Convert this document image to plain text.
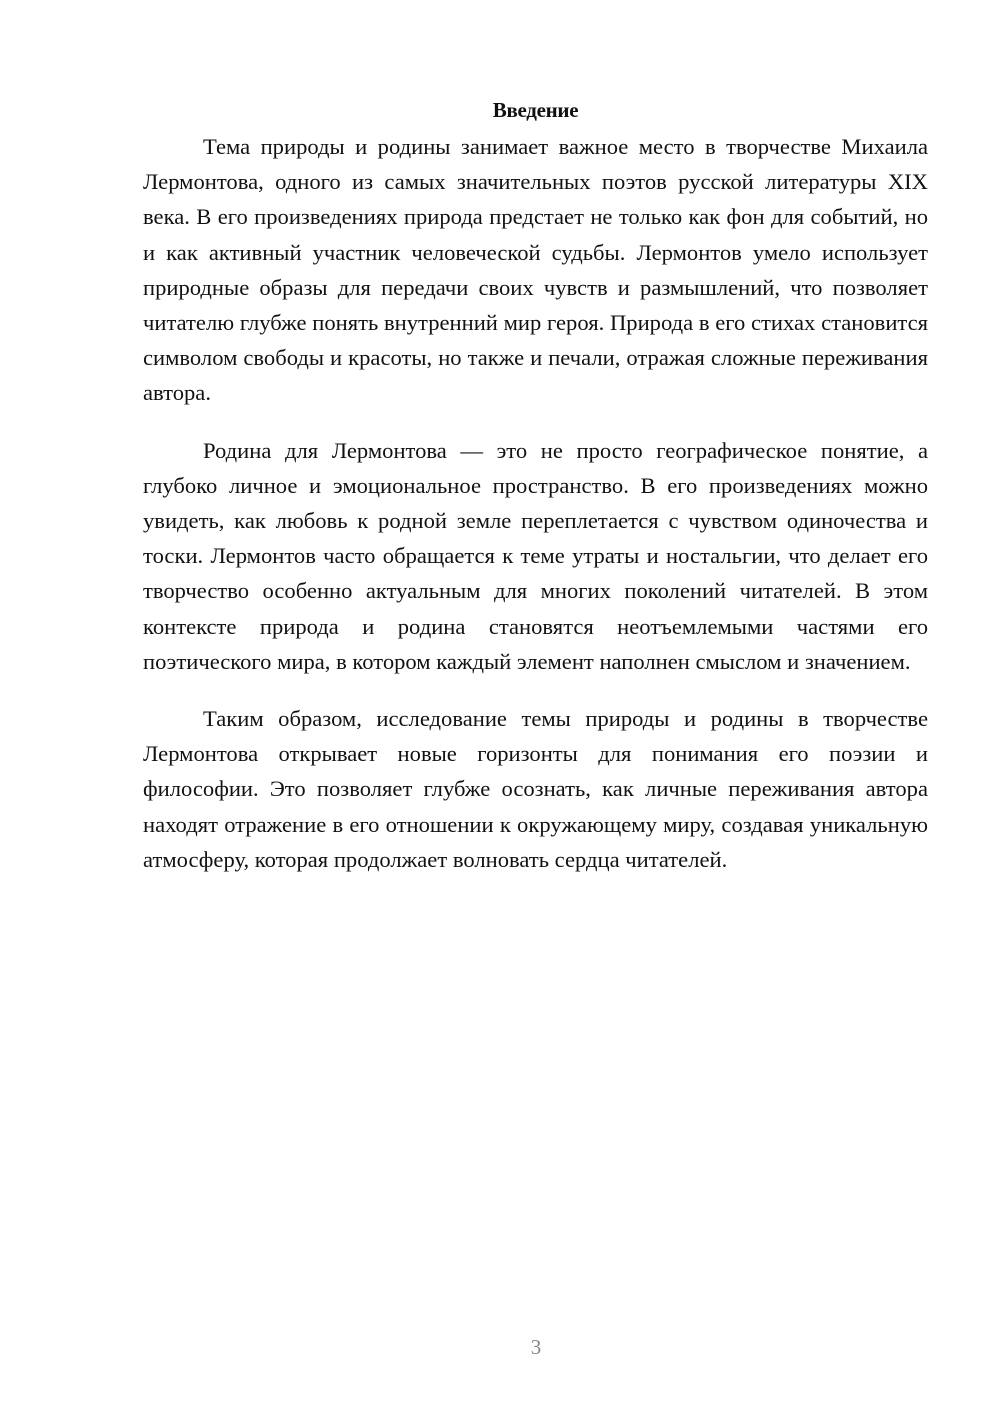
Введение

Тема природы и родины занимает важное место в творчестве Михаила Лермонтова, одного из самых значительных поэтов русской литературы XIX века. В его произведениях природа предстает не только как фон для событий, но и как активный участник человеческой судьбы. Лермонтов умело использует природные образы для передачи своих чувств и размышлений, что позволяет читателю глубже понять внутренний мир героя. Природа в его стихах становится символом свободы и красоты, но также и печали, отражая сложные переживания автора.

Родина для Лермонтова — это не просто географическое понятие, а глубоко личное и эмоциональное пространство. В его произведениях можно увидеть, как любовь к родной земле переплетается с чувством одиночества и тоски. Лермонтов часто обращается к теме утраты и ностальгии, что делает его творчество особенно актуальным для многих поколений читателей. В этом контексте природа и родина становятся неотъемлемыми частями его поэтического мира, в котором каждый элемент наполнен смыслом и значением.

Таким образом, исследование темы природы и родины в творчестве Лермонтова открывает новые горизонты для понимания его поэзии и философии. Это позволяет глубже осознать, как личные переживания автора находят отражение в его отношении к окружающему миру, создавая уникальную атмосферу, которая продолжает волновать сердца читателей.

3
